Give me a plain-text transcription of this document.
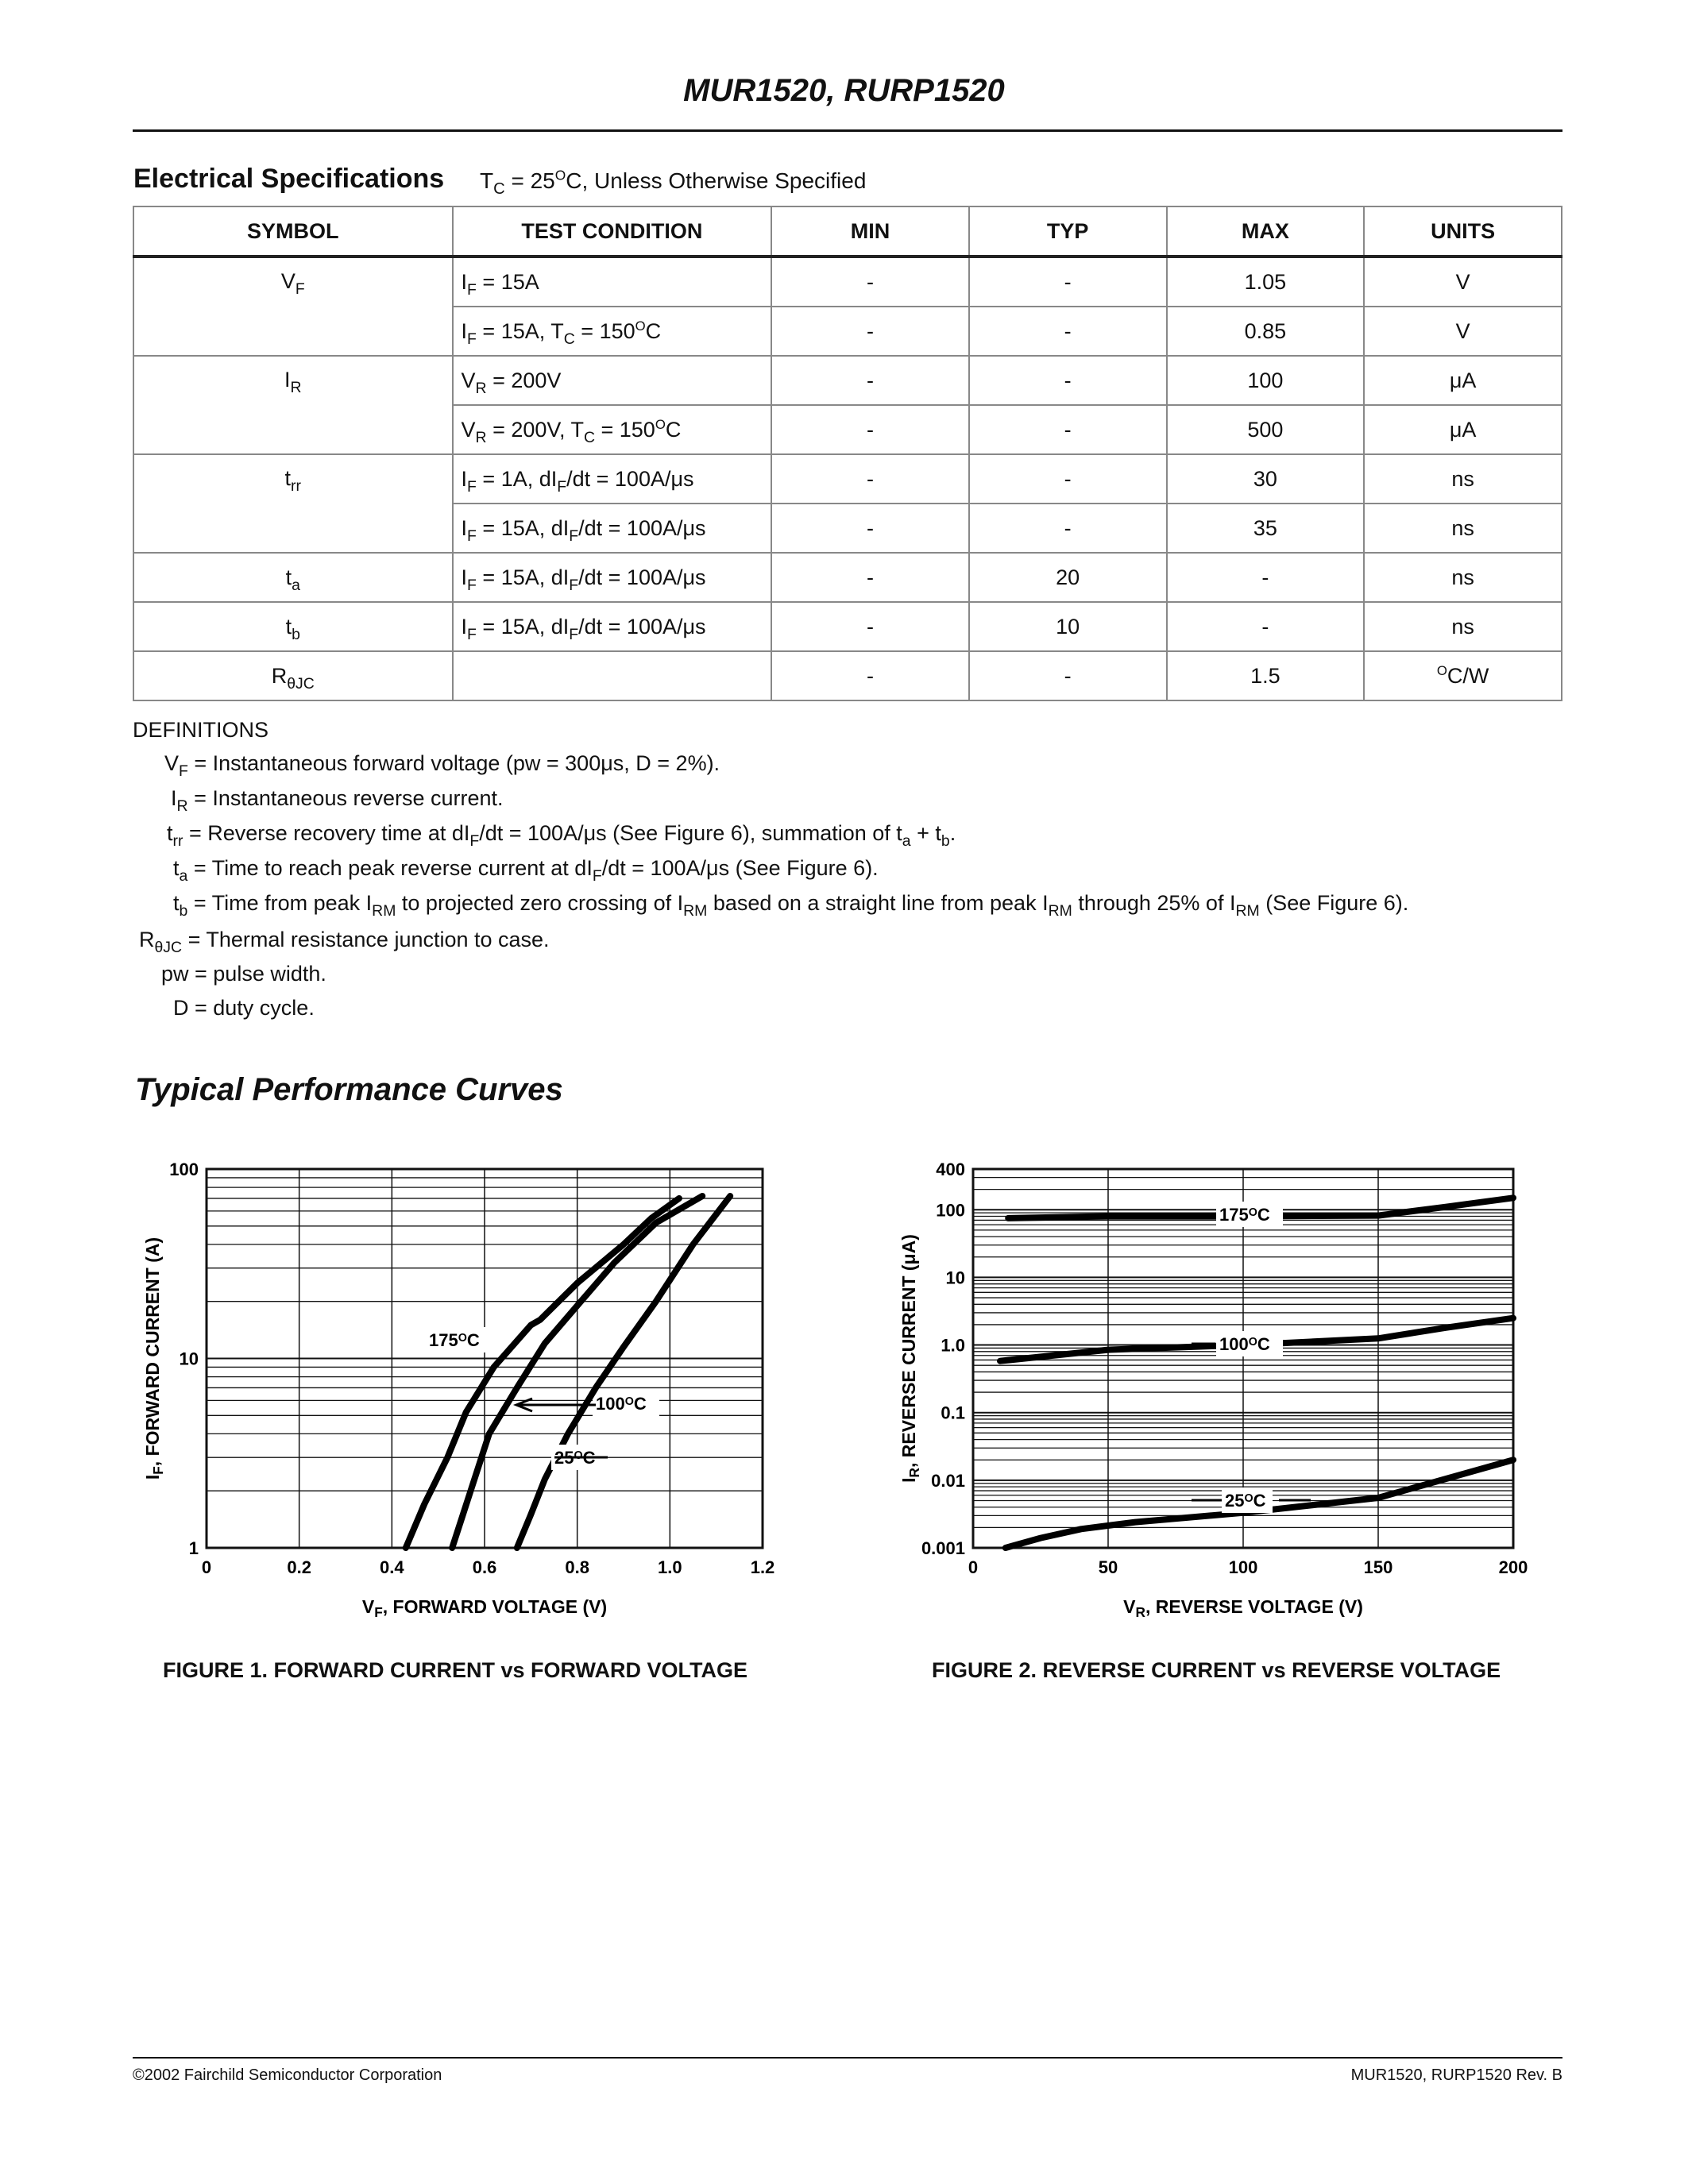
MUR1520, RURP1520
Electrical Specifications $T_C = 25^OC$, Unless Otherwise Specified
SYMBOL	TEST CONDITION	MIN	TYP	MAX	UNITS
$V_F$	$I_F = 15A$	-	-	1.05	V
	$I_F = 15A$, $T_C = 150^OC$	-	-	0.85	V
$I_R$	$V_R = 200V$	-	-	100	μA
	$V_R = 200V$, $T_C = 150^OC$	-	-	500	μA
$t_{rr}$	$I_F = 1A$, $dI_F/dt = 100A/\mu s$	-	-	30	ns
	$I_F = 15A$, $dI_F/dt = 100A/\mu s$	-	-	35	ns
$t_a$	$I_F = 15A$, $dI_F/dt = 100A/\mu s$	-	20	-	ns
$t_b$	$I_F = 15A$, $dI_F/dt = 100A/\mu s$	-	10	-	ns
$R_{\theta JC}$		-	-	1.5	$^O$C/W
DEFINITIONS
$V_F$ = Instantaneous forward voltage (pw = 300μs, D = 2%).
$I_R$ = Instantaneous reverse current.
$t_{rr}$ = Reverse recovery time at $dI_F/dt = 100A/\mu s$ (See Figure 6), summation of $t_a + t_b$.
$t_a$ = Time to reach peak reverse current at $dI_F/dt = 100A/\mu s$ (See Figure 6).
$t_b$ = Time from peak $I_{RM}$ to projected zero crossing of $I_{RM}$ based on a straight line from peak $I_{RM}$ through 25% of $I_{RM}$ (See Figure 6).
$R_{\theta JC}$ = Thermal resistance junction to case.
pw = pulse width.
D = duty cycle.
Typical Performance Curves
0	0.2	0.4	0.6	0.8	1.0	1.2
1
10
100
VF, FORWARD VOLTAGE (V)
IF, FORWARD CURRENT (A)	175OC
100OC
25OC
FIGURE 1. FORWARD CURRENT vs FORWARD VOLTAGE
0	50	100	150	200
0.001
0.01
0.1
1.0
10
100
400
VR, REVERSE VOLTAGE (V)
IR, REVERSE CURRENT (μA)
175OC
100OC
25OC
FIGURE 2. REVERSE CURRENT vs REVERSE VOLTAGE
©2002 Fairchild Semiconductor Corporation	MUR1520, RURP1520 Rev. B
